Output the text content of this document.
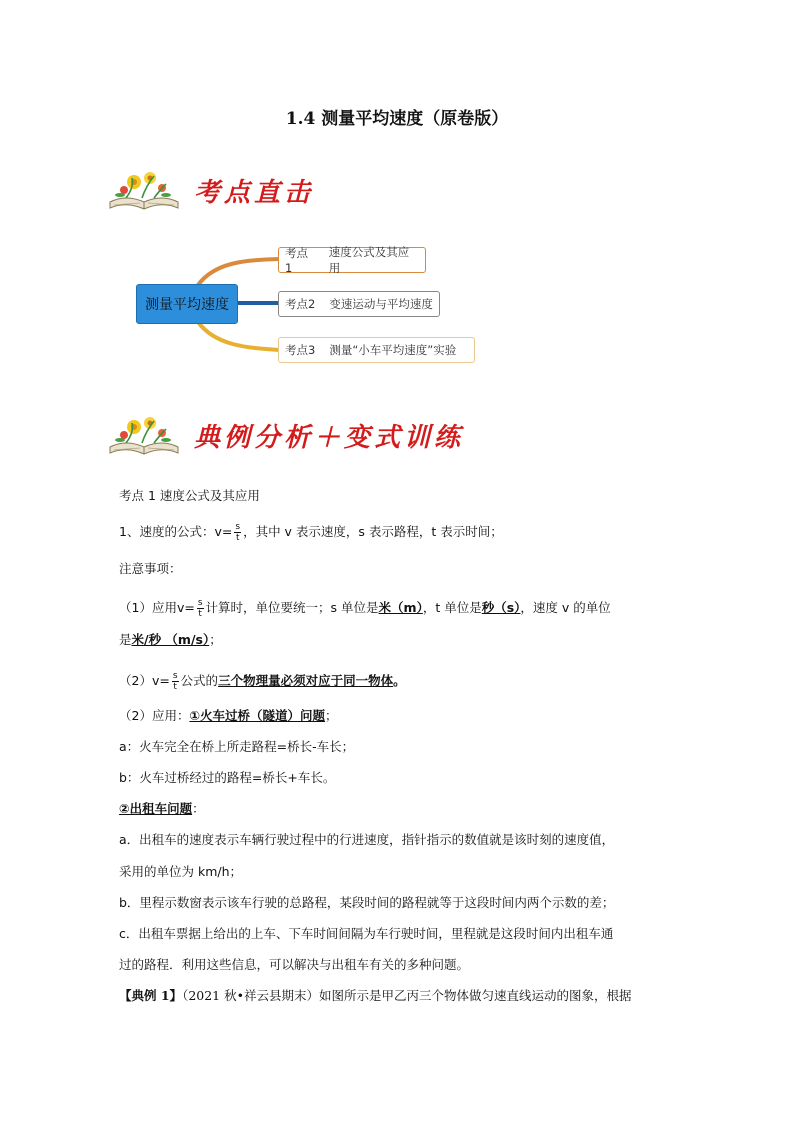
1.4 测量平均速度（原卷版）
考点直击
测量平均速度
考点1
速度公式及其应用
考点2 变速运动与平均速度
考点3 测量“小车平均速度”实验
典例分析＋变式训练
考点 1 速度公式及其应用
1、速度的公式：$v= \frac{s}{t}$ ，其中 v 表示速度，s 表示路程，t 表示时间；
注意事项：
（1）应用$v= \frac{s}{t}$ 计算时，单位要统一；s 单位是米（m），t 单位是秒（s），速度 v 的单位
是米/秒 （m/s）；
$(2)v= \frac{s}{t}$ 公式的三个物理量必须对应于同一物体。
（2）应用：①火车过桥（隧道）问题；
a：火车完全在桥上所走路程=桥长-车长；
b：火车过桥经过的路程=桥长+车长。
②出租车问题：
a．出租车的速度表示车辆行驶过程中的行进速度，指针指示的数值就是该时刻的速度值，
采用的单位为 km/h；
b．里程示数窗表示该车行驶的总路程，某段时间的路程就等于这段时间内两个示数的差；
c．出租车票据上给出的上车、下车时间间隔为车行驶时间，里程就是这段时间内出租车通
过的路程．利用这些信息，可以解决与出租车有关的多种问题。
【典例 1】（2021 秋•祥云县期末）如图所示是甲乙丙三个物体做匀速直线运动的图象，根据
